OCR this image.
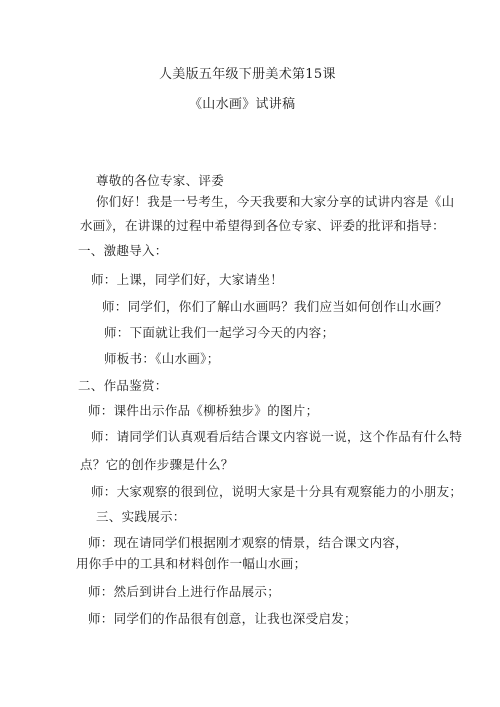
人美版五年级下册美术第15课
《山水画》试讲稿
尊敬的各位专家、评委
你们好！我是一号考生，今天我要和大家分享的试讲内容是《山
水画》，在讲课的过程中希望得到各位专家、评委的批评和指导：
一、激趣导入：
师：上课，同学们好，大家请坐！
师：同学们，你们了解山水画吗？我们应当如何创作山水画？
师：下面就让我们一起学习今天的内容；
师板书：《山水画》；
二、作品鉴赏：
师：课件出示作品《柳桥独步》的图片；
师：请同学们认真观看后结合课文内容说一说，这个作品有什么特
点？它的创作步骤是什么？
师：大家观察的很到位，说明大家是十分具有观察能力的小朋友；
三、实践展示：
师：现在请同学们根据刚才观察的情景，结合课文内容，
用你手中的工具和材料创作一幅山水画；
师：然后到讲台上进行作品展示；
师：同学们的作品很有创意，让我也深受启发；
